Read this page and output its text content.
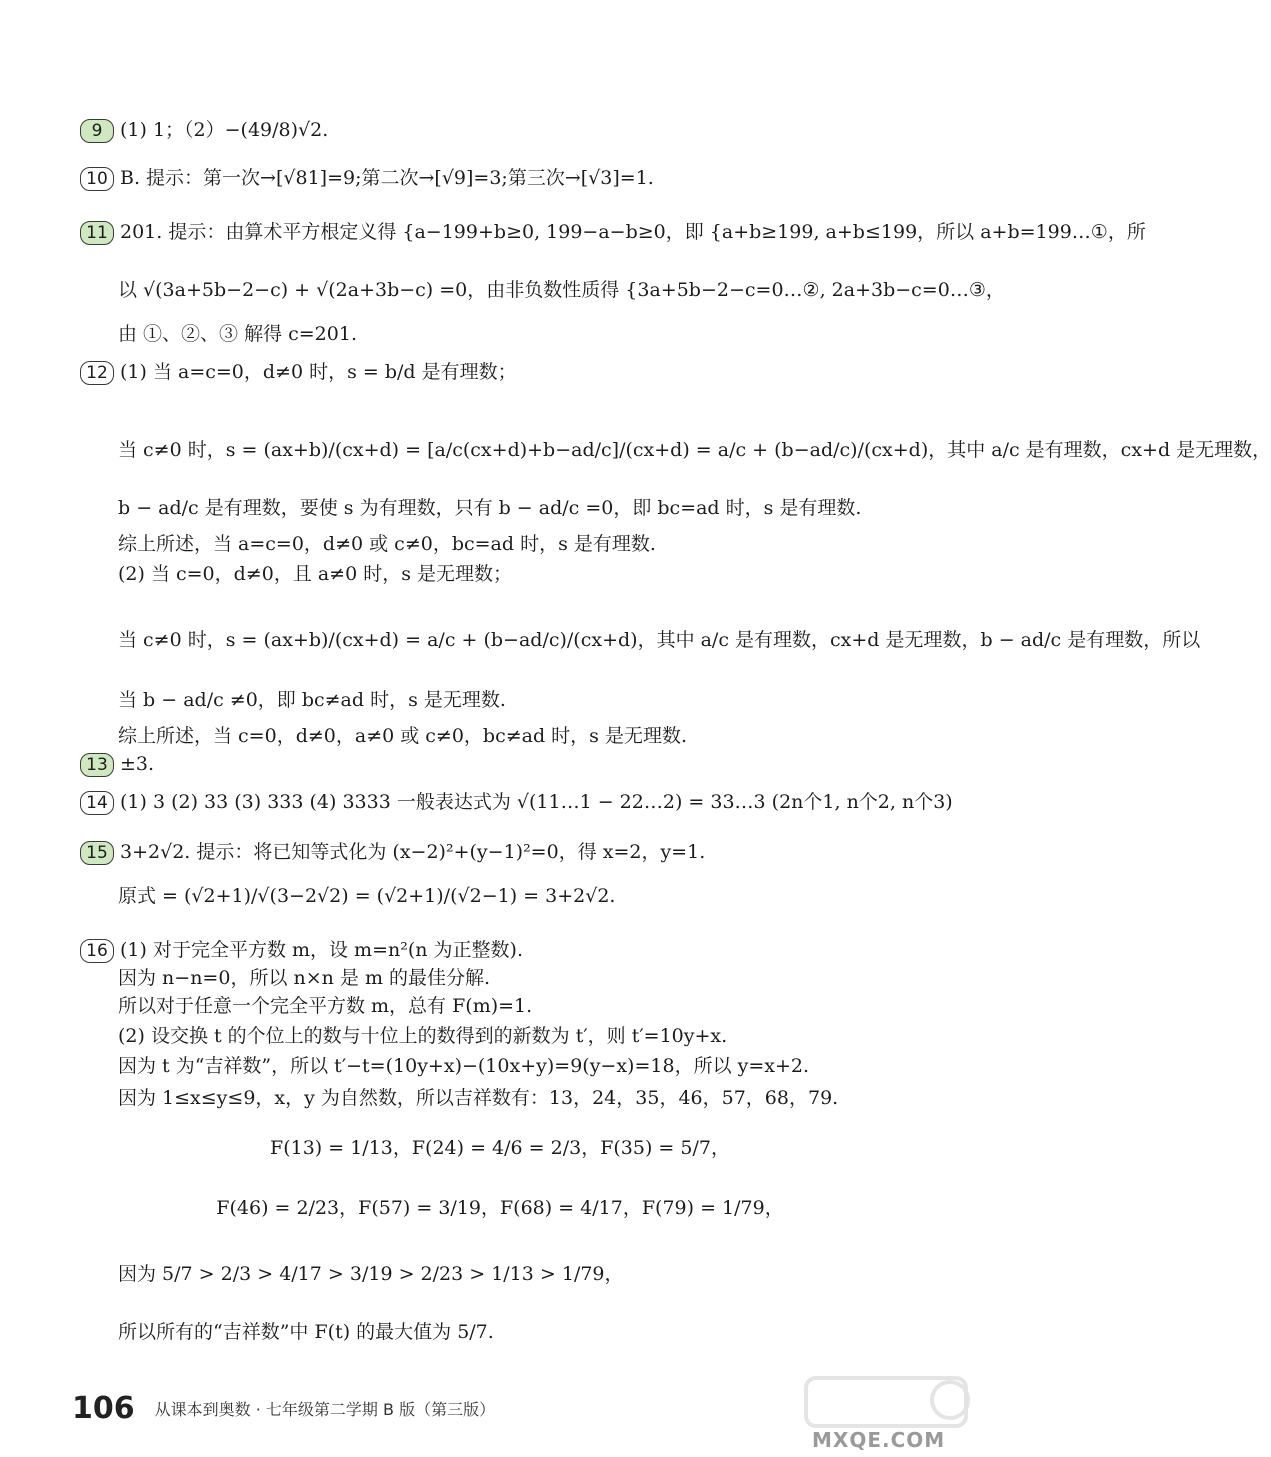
9 (1) 1；（2）−(49/8)√2.
10 B. 提示：第一次→[√81]=9;第二次→[√9]=3;第三次→[√3]=1.
11 201. 提示：由算术平方根定义得 {a−199+b≥0, 199−a−b≥0，即 {a+b≥199, a+b≤199，所以 a+b=199…①，所
以 √(3a+5b−2−c) + √(2a+3b−c) =0，由非负数性质得 {3a+5b−2−c=0…②, 2a+3b−c=0…③，
由 ①、②、③ 解得 c=201.
12 (1) 当 a=c=0，d≠0 时，s = b/d 是有理数；
当 c≠0 时，s = (ax+b)/(cx+d) = [a/c(cx+d)+b−ad/c]/(cx+d) = a/c + (b−ad/c)/(cx+d)，其中 a/c 是有理数，cx+d 是无理数，
b − ad/c 是有理数，要使 s 为有理数，只有 b − ad/c =0，即 bc=ad 时，s 是有理数.
综上所述，当 a=c=0，d≠0 或 c≠0，bc=ad 时，s 是有理数.
(2) 当 c=0，d≠0，且 a≠0 时，s 是无理数；
当 c≠0 时，s = (ax+b)/(cx+d) = a/c + (b−ad/c)/(cx+d)，其中 a/c 是有理数，cx+d 是无理数，b − ad/c 是有理数，所以
当 b − ad/c ≠0，即 bc≠ad 时，s 是无理数.
综上所述，当 c=0，d≠0，a≠0 或 c≠0，bc≠ad 时，s 是无理数.
13 ±3.
14 (1) 3 (2) 33 (3) 333 (4) 3333 一般表达式为 √(11…1 − 22…2) = 33…3 (2n个1, n个2, n个3)
15 3+2√2. 提示：将已知等式化为 (x−2)²+(y−1)²=0，得 x=2，y=1.
原式 = (√2+1)/√(3−2√2) = (√2+1)/(√2−1) = 3+2√2.
16 (1) 对于完全平方数 m，设 m=n²(n 为正整数).
因为 n−n=0，所以 n×n 是 m 的最佳分解.
所以对于任意一个完全平方数 m，总有 F(m)=1.
(2) 设交换 t 的个位上的数与十位上的数得到的新数为 t′，则 t′=10y+x.
因为 t 为“吉祥数”，所以 t′−t=(10y+x)−(10x+y)=9(y−x)=18，所以 y=x+2.
因为 1≤x≤y≤9，x，y 为自然数，所以吉祥数有：13，24，35，46，57，68，79.
F(13) = 1/13，F(24) = 4/6 = 2/3，F(35) = 5/7，
F(46) = 2/23，F(57) = 3/19，F(68) = 4/17，F(79) = 1/79，
因为 5/7 > 2/3 > 4/17 > 3/19 > 2/23 > 1/13 > 1/79，
所以所有的“吉祥数”中 F(t) 的最大值为 5/7.
106 从课本到奥数 · 七年级第二学期 B 版（第三版）
MXQE.COM
